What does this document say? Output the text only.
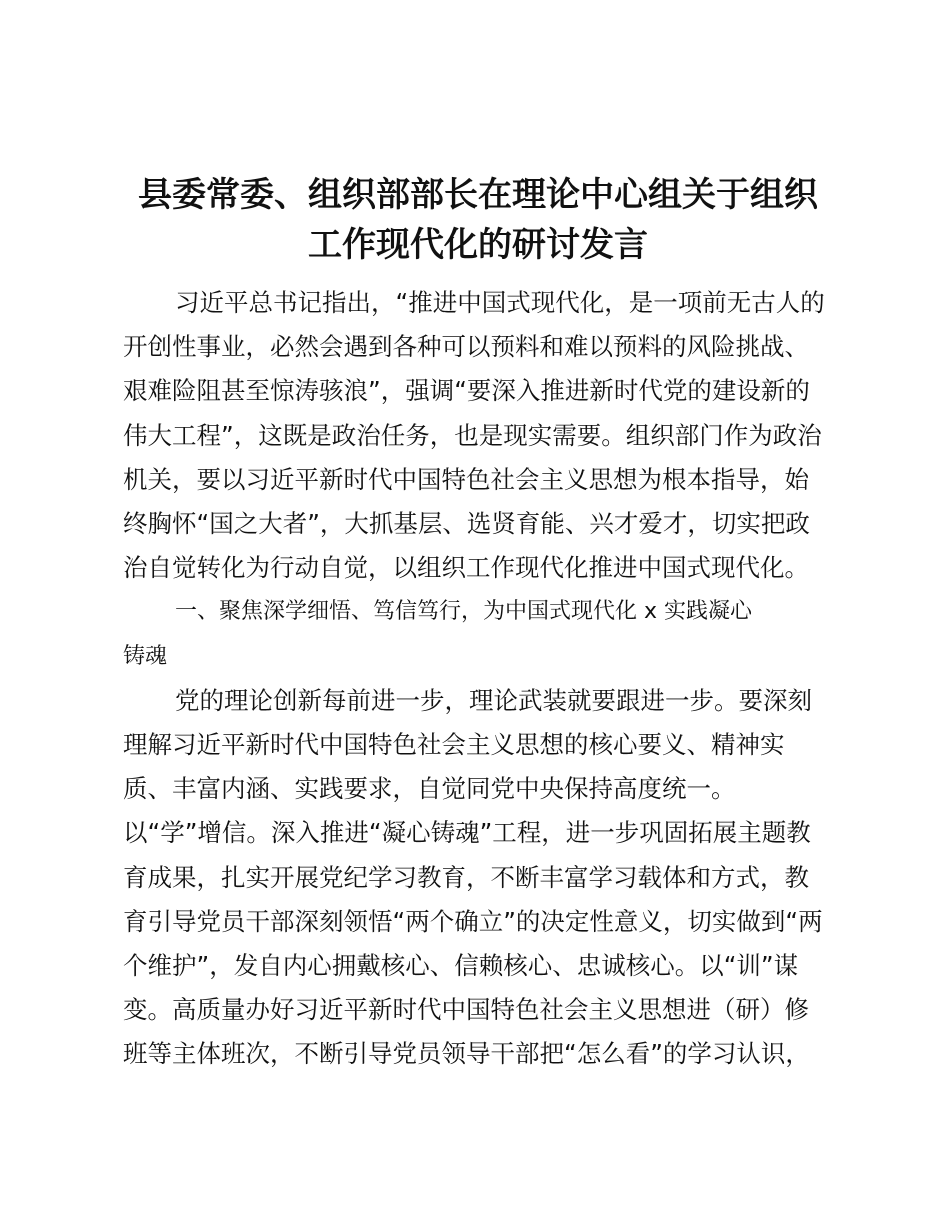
县委常委、组织部部长在理论中心组关于组织
工作现代化的研讨发言
习近平总书记指出，“推进中国式现代化，是一项前无古人的
开创性事业，必然会遇到各种可以预料和难以预料的风险挑战、
艰难险阻甚至惊涛骇浪”，强调“要深入推进新时代党的建设新的
伟大工程”，这既是政治任务，也是现实需要。组织部门作为政治
机关，要以习近平新时代中国特色社会主义思想为根本指导，始
终胸怀“国之大者”，大抓基层、选贤育能、兴才爱才，切实把政
治自觉转化为行动自觉，以组织工作现代化推进中国式现代化。
一、聚焦深学细悟、笃信笃行，为中国式现代化 x 实践凝心
铸魂
党的理论创新每前进一步，理论武装就要跟进一步。要深刻
理解习近平新时代中国特色社会主义思想的核心要义、精神实
质、丰富内涵、实践要求，自觉同党中央保持高度统一。
以“学”增信。深入推进“凝心铸魂”工程，进一步巩固拓展主题教
育成果，扎实开展党纪学习教育，不断丰富学习载体和方式，教
育引导党员干部深刻领悟“两个确立”的决定性意义，切实做到“两
个维护”，发自内心拥戴核心、信赖核心、忠诚核心。以“训”谋
变。高质量办好习近平新时代中国特色社会主义思想进（研）修
班等主体班次，不断引导党员领导干部把“怎么看”的学习认识，
